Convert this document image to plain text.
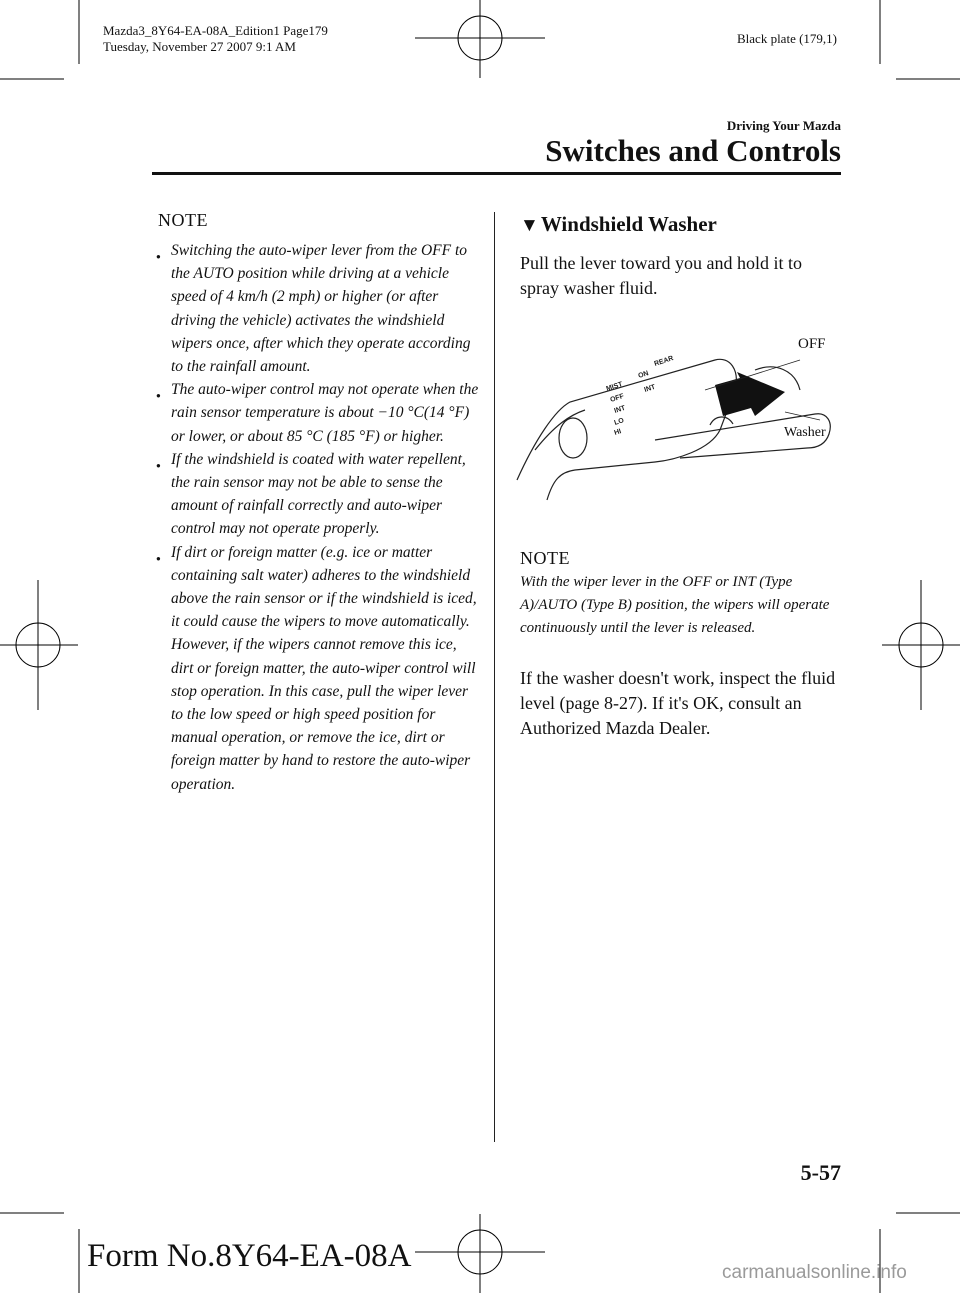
Mazda3_8Y64-EA-08A_Edition1 Page179
Tuesday, November 27 2007 9:1 AM
Black plate (179,1)
Driving Your Mazda
Switches and Controls
NOTE
● Switching the auto-wiper lever from the OFF to the AUTO position while driving at a vehicle speed of 4 km/h (2 mph) or higher (or after driving the vehicle) activates the windshield wipers once, after which they operate according to the rainfall amount.
● The auto-wiper control may not operate when the rain sensor temperature is about −10 °C(14 °F) or lower, or about 85 °C (185 °F) or higher.
● If the windshield is coated with water repellent, the rain sensor may not be able to sense the amount of rainfall correctly and auto-wiper control may not operate properly.
● If dirt or foreign matter (e.g. ice or matter containing salt water) adheres to the windshield above the rain sensor or if the windshield is iced, it could cause the wipers to move automatically. However, if the wipers cannot remove this ice, dirt or foreign matter, the auto-wiper control will stop operation. In this case, pull the wiper lever to the low speed or high speed position for manual operation, or remove the ice, dirt or foreign matter by hand to restore the auto-wiper operation.
▼Windshield Washer

Pull the lever toward you and hold it to spray washer fluid.

MIST
OFF
INT
LO
HI
ON
INT
REAR
OFF
Washer
NOTE

With the wiper lever in the OFF or INT (Type A)/AUTO (Type B) position, the wipers will operate continuously until the lever is released.

If the washer doesn't work, inspect the fluid level (page 8-27). If it's OK, consult an Authorized Mazda Dealer.

5-57
Form No.8Y64-EA-08A	carmanualsonline.info
